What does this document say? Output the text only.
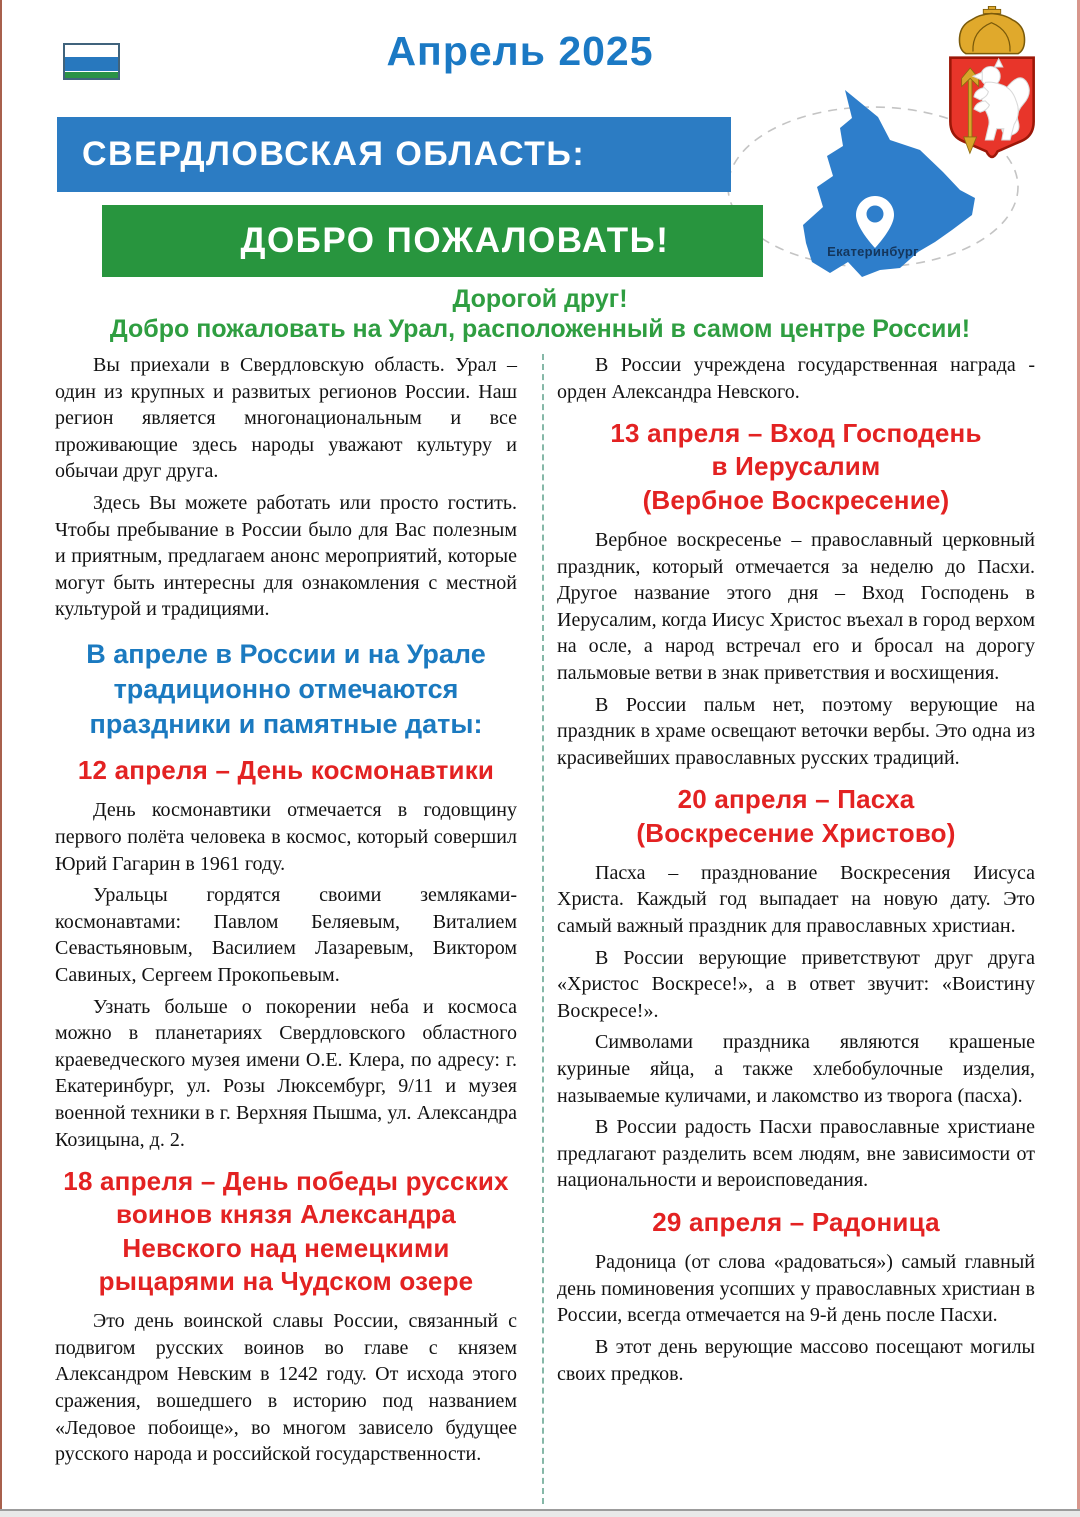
Апрель 2025
Екатеринбург
СВЕРДЛОВСКАЯ ОБЛАСТЬ:
ДОБРО ПОЖАЛОВАТЬ!
Дорогой друг!
Добро пожаловать на Урал, расположенный в самом центре России!

Вы приехали в Свердловскую область. Урал – один из крупных и развитых регионов России. Наш регион является многонациональным и все проживающие здесь народы уважают культуру и обычаи друг друга.

Здесь Вы можете работать или просто гостить. Чтобы пребывание в России было для Вас полезным и приятным, предлагаем анонс мероприятий, которые могут быть интересны для ознакомления с местной культурой и традициями.

В апреле в России и на Урале
традиционно отмечаются
праздники и памятные даты:
12 апреля – День космонавтики

День космонавтики отмечается в годовщину первого полёта человека в космос, который совершил Юрий Гагарин в 1961 году.

Уральцы гордятся своими земляками-космонавтами: Павлом Беляевым, Виталием Севастьяновым, Василием Лазаревым, Виктором Савиных, Сергеем Прокопьевым.

Узнать больше о покорении неба и космоса можно в планетариях Свердловского областного краеведческого музея имени О.Е. Клера, по адресу: г. Екатеринбург, ул. Розы Люксембург, 9/11 и музея военной техники в г. Верхняя Пышма, ул. Александра Козицына, д. 2.

18 апреля – День победы русских
воинов князя Александра
Невского над немецкими
рыцарями на Чудском озере

Это день воинской славы России, связанный с подвигом русских воинов во главе с князем Александром Невским в 1242 году. От исхода этого сражения, вошедшего в историю под названием «Ледовое побоище», во многом зависело будущее русского народа и российской государственности.

В России учреждена государственная награда - орден Александра Невского.

13 апреля – Вход Господень
в Иерусалим
(Вербное Воскресение)

Вербное воскресенье – православный церковный праздник, который отмечается за неделю до Пасхи. Другое название этого дня – Вход Господень в Иерусалим, когда Иисус Христос въехал в город верхом на осле, а народ встречал его и бросал на дорогу пальмовые ветви в знак приветствия и восхищения.

В России пальм нет, поэтому верующие на праздник в храме освещают веточки вербы. Это одна из красивейших православных русских традиций.

20 апреля – Пасха
(Воскресение Христово)

Пасха – празднование Воскресения Иисуса Христа. Каждый год выпадает на новую дату. Это самый важный праздник для православных христиан.

В России верующие приветствуют друг друга «Христос Воскресе!», а в ответ звучит: «Воистину Воскресе!».

Символами праздника являются крашеные куриные яйца, а также хлебобулочные изделия, называемые куличами, и лакомство из творога (пасха).

В России радость Пасхи православные христиане предлагают разделить всем людям, вне зависимости от национальности и вероисповедания.

29 апреля – Радоница

Радоница (от слова «радоваться») самый главный день поминовения усопших у православных христиан в России, всегда отмечается на 9-й день после Пасхи.

В этот день верующие массово посещают могилы своих предков.
